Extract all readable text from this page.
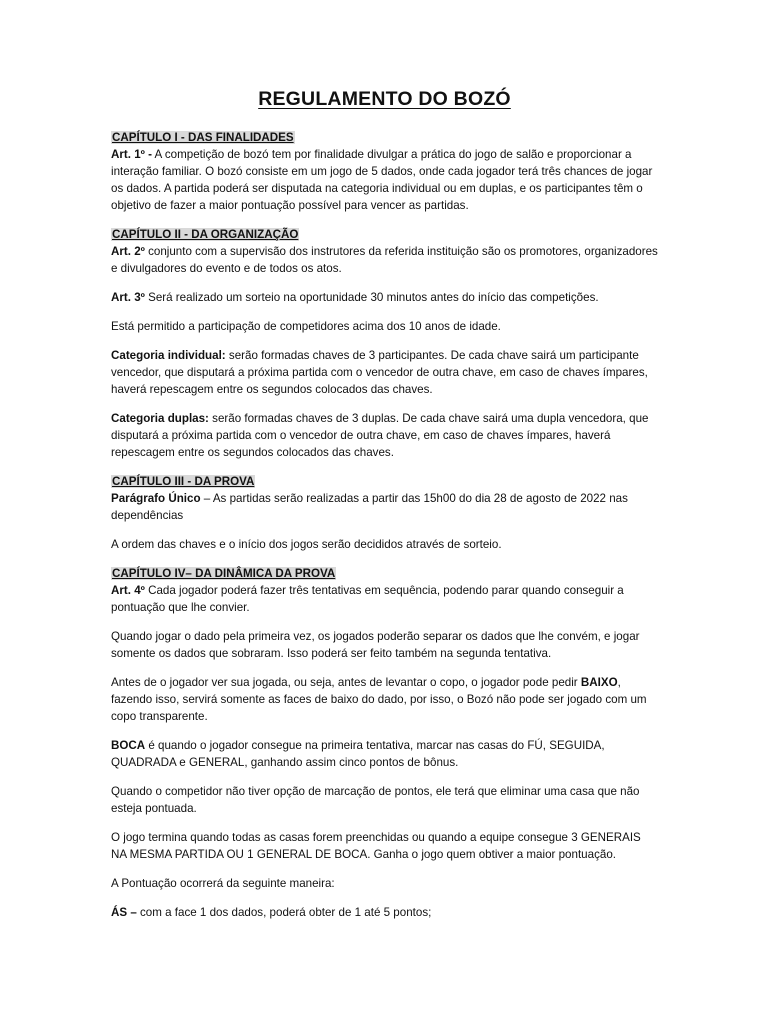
REGULAMENTO DO BOZÓ

CAPÍTULO I - DAS FINALIDADES
Art. 1º - A competição de bozó tem por finalidade divulgar a prática do jogo de salão e proporcionar a interação familiar. O bozó consiste em um jogo de 5 dados, onde cada jogador terá três chances de jogar os dados. A partida poderá ser disputada na categoria individual ou em duplas, e os participantes têm o objetivo de fazer a maior pontuação possível para vencer as partidas.

CAPÍTULO II - DA ORGANIZAÇÃO
Art. 2º conjunto com a supervisão dos instrutores da referida instituição são os promotores, organizadores e divulgadores do evento e de todos os atos.

Art. 3º Será realizado um sorteio na oportunidade 30 minutos antes do início das competições.

Está permitido a participação de competidores acima dos 10 anos de idade.

Categoria individual: serão formadas chaves de 3 participantes. De cada chave sairá um participante vencedor, que disputará a próxima partida com o vencedor de outra chave, em caso de chaves ímpares, haverá repescagem entre os segundos colocados das chaves.

Categoria duplas: serão formadas chaves de 3 duplas. De cada chave sairá uma dupla vencedora, que disputará a próxima partida com o vencedor de outra chave, em caso de chaves ímpares, haverá repescagem entre os segundos colocados das chaves.

CAPÍTULO III - DA PROVA
Parágrafo Único – As partidas serão realizadas a partir das 15h00 do dia 28 de agosto de 2022 nas dependências

A ordem das chaves e o início dos jogos serão decididos através de sorteio.

CAPÍTULO IV– DA DINÂMICA DA PROVA
Art. 4º Cada jogador poderá fazer três tentativas em sequência, podendo parar quando conseguir a pontuação que lhe convier.

Quando jogar o dado pela primeira vez, os jogados poderão separar os dados que lhe convém, e jogar somente os dados que sobraram. Isso poderá ser feito também na segunda tentativa.

Antes de o jogador ver sua jogada, ou seja, antes de levantar o copo, o jogador pode pedir BAIXO, fazendo isso, servirá somente as faces de baixo do dado, por isso, o Bozó não pode ser jogado com um copo transparente.

BOCA é quando o jogador consegue na primeira tentativa, marcar nas casas do FÚ, SEGUIDA, QUADRADA e GENERAL, ganhando assim cinco pontos de bônus.

Quando o competidor não tiver opção de marcação de pontos, ele terá que eliminar uma casa que não esteja pontuada.

O jogo termina quando todas as casas forem preenchidas ou quando a equipe consegue 3 GENERAIS NA MESMA PARTIDA OU 1 GENERAL DE BOCA. Ganha o jogo quem obtiver a maior pontuação.

A Pontuação ocorrerá da seguinte maneira:

ÁS – com a face 1 dos dados, poderá obter de 1 até 5 pontos;
